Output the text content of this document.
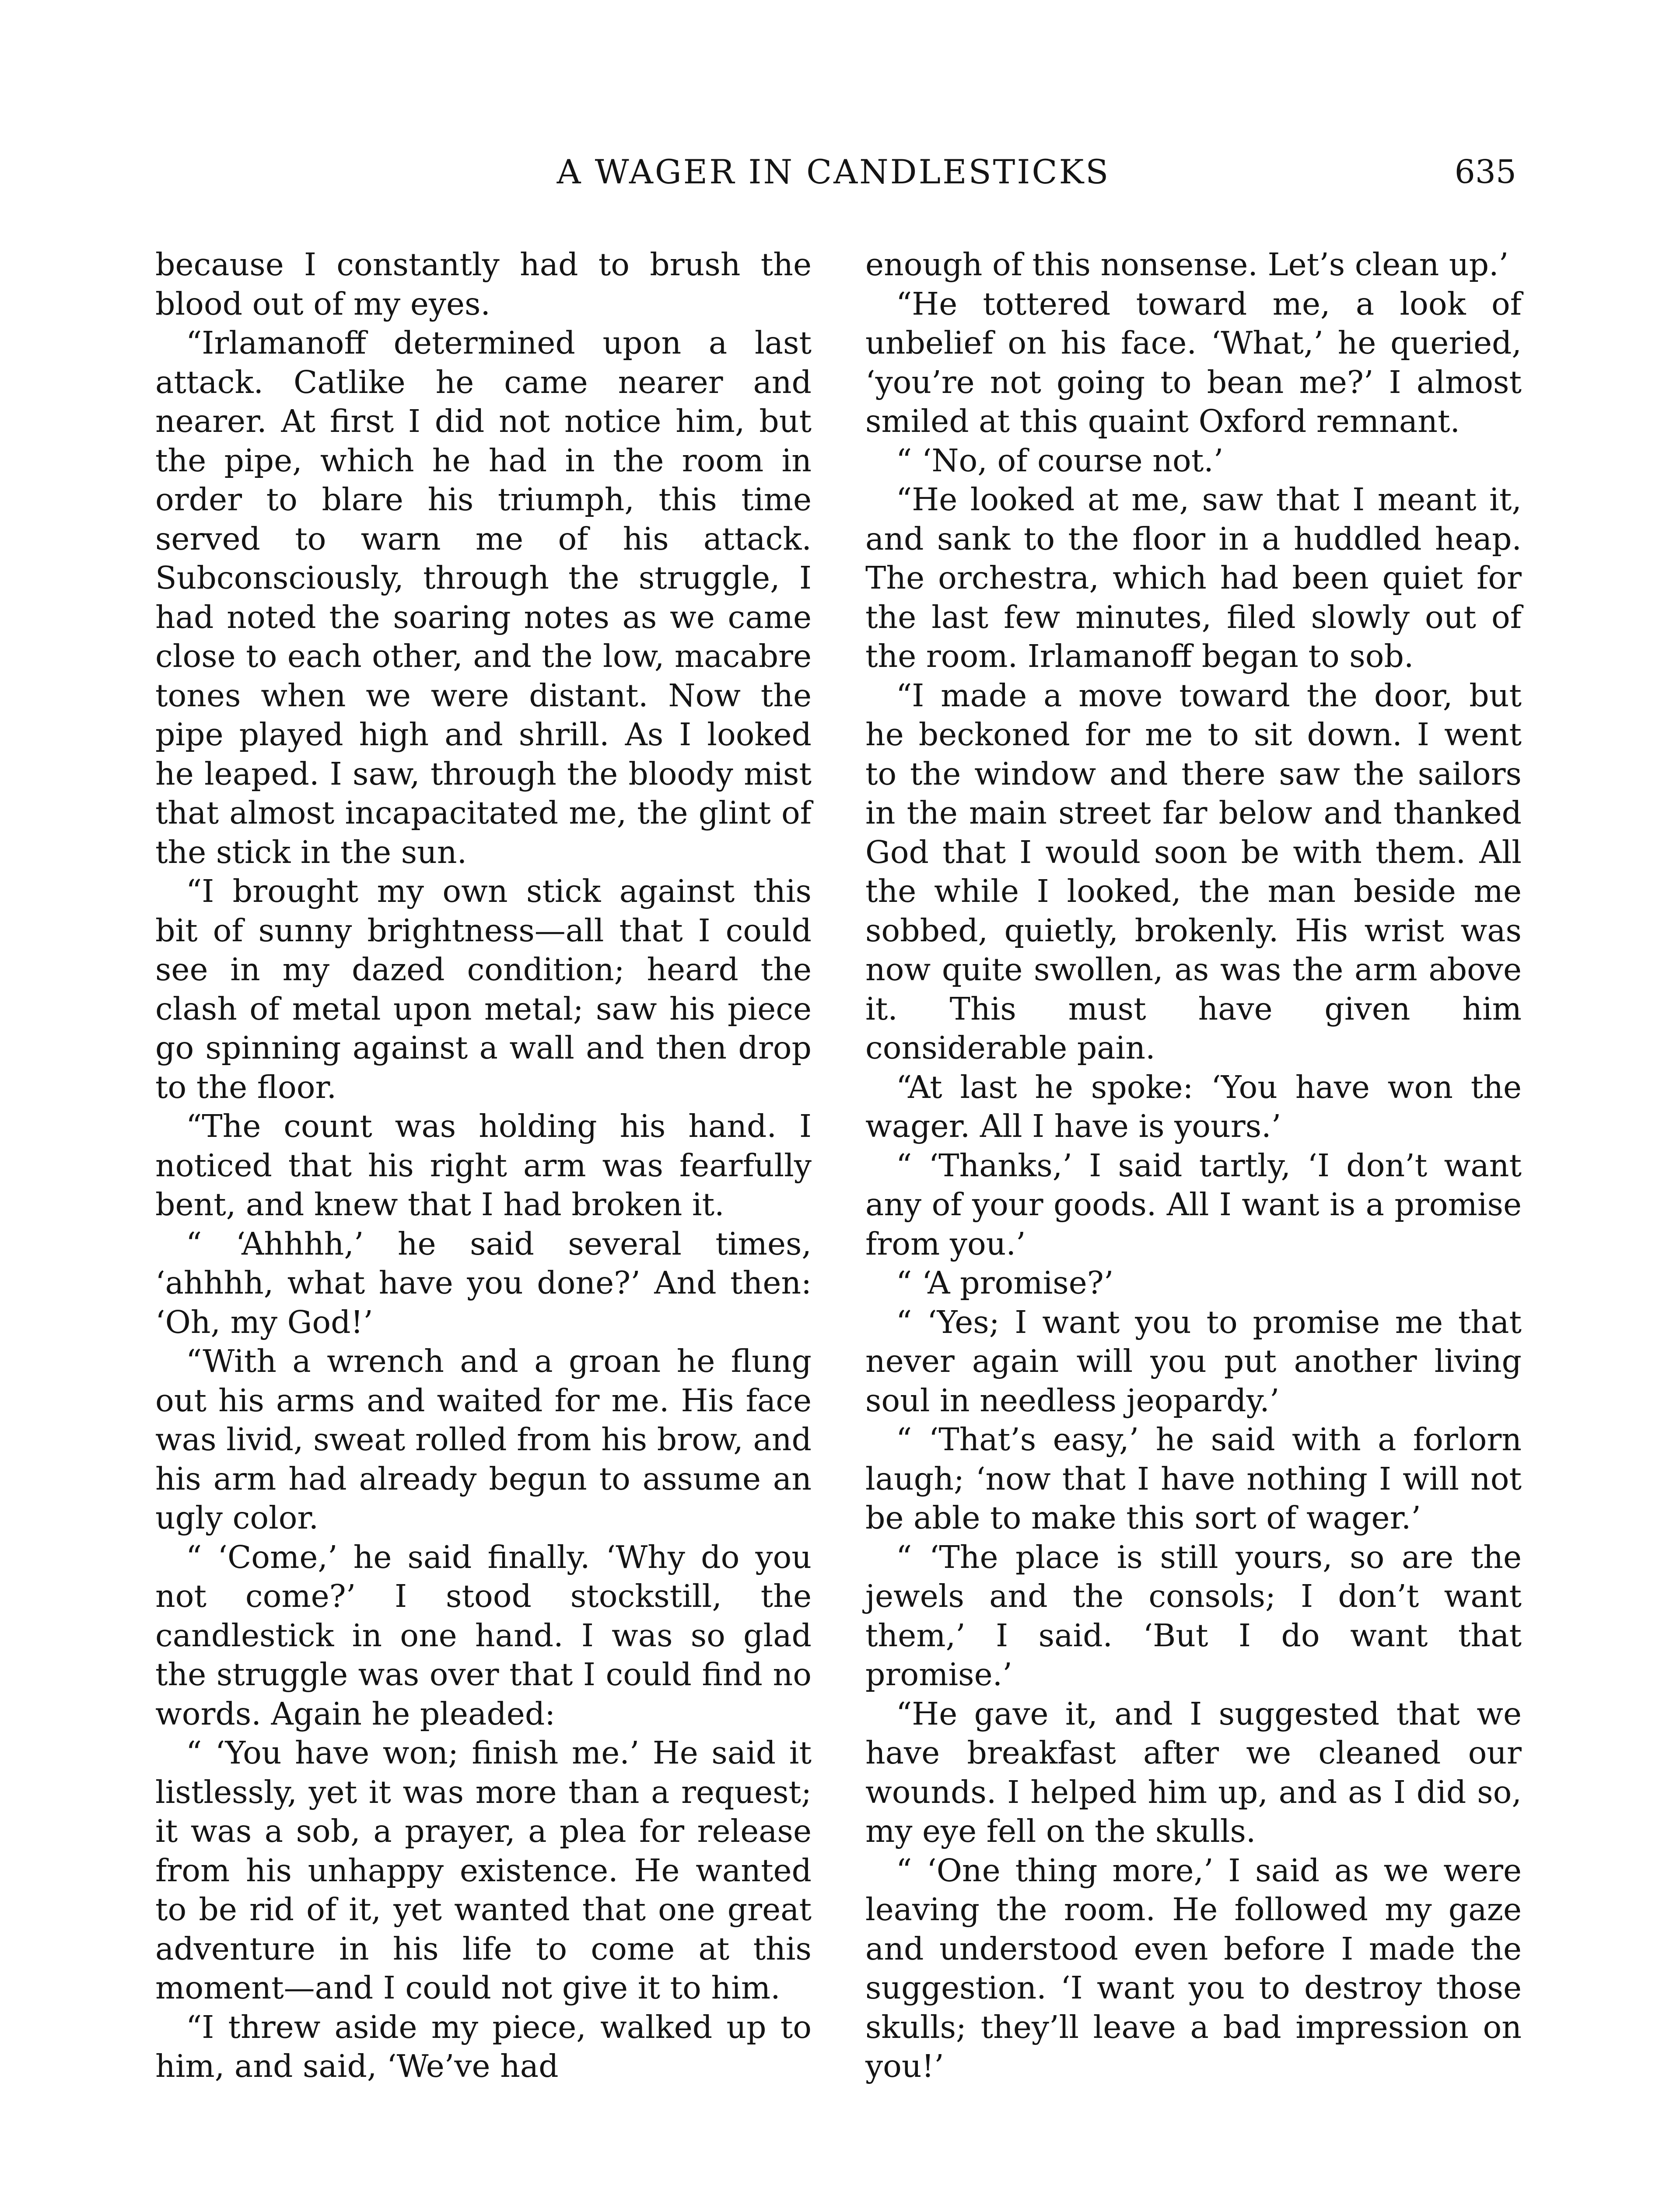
A WAGER IN CANDLESTICKS	635

because I constantly had to brush the blood out of my eyes.

“Irlamanoff determined upon a last attack. Catlike he came nearer and nearer. At first I did not notice him, but the pipe, which he had in the room in order to blare his triumph, this time served to warn me of his attack. Subconsciously, through the struggle, I had noted the soaring notes as we came close to each other, and the low, macabre tones when we were distant. Now the pipe played high and shrill. As I looked he leaped. I saw, through the bloody mist that almost incapacitated me, the glint of the stick in the sun.

“I brought my own stick against this bit of sunny brightness—all that I could see in my dazed condition; heard the clash of metal upon metal; saw his piece go spinning against a wall and then drop to the floor.

“The count was holding his hand. I noticed that his right arm was fearfully bent, and knew that I had broken it.

“ ‘Ahhhh,’ he said several times, ‘ahhhh, what have you done?’ And then: ‘Oh, my God!’

“With a wrench and a groan he flung out his arms and waited for me. His face was livid, sweat rolled from his brow, and his arm had already begun to assume an ugly color.

“ ‘Come,’ he said finally. ‘Why do you not come?’ I stood stockstill, the candlestick in one hand. I was so glad the struggle was over that I could find no words. Again he pleaded:

“ ‘You have won; finish me.’ He said it listlessly, yet it was more than a request; it was a sob, a prayer, a plea for release from his unhappy existence. He wanted to be rid of it, yet wanted that one great adventure in his life to come at this moment—and I could not give it to him.

“I threw aside my piece, walked up to him, and said, ‘We’ve had

enough of this nonsense. Let’s clean up.’

“He tottered toward me, a look of unbelief on his face. ‘What,’ he queried, ‘you’re not going to bean me?’ I almost smiled at this quaint Oxford remnant.

“ ‘No, of course not.’

“He looked at me, saw that I meant it, and sank to the floor in a huddled heap. The orchestra, which had been quiet for the last few minutes, filed slowly out of the room. Irlamanoff began to sob.

“I made a move toward the door, but he beckoned for me to sit down. I went to the window and there saw the sailors in the main street far below and thanked God that I would soon be with them. All the while I looked, the man beside me sobbed, quietly, brokenly. His wrist was now quite swollen, as was the arm above it. This must have given him considerable pain.

“At last he spoke: ‘You have won the wager. All I have is yours.’

“ ‘Thanks,’ I said tartly, ‘I don’t want any of your goods. All I want is a promise from you.’

“ ‘A promise?’

“ ‘Yes; I want you to promise me that never again will you put another living soul in needless jeopardy.’

“ ‘That’s easy,’ he said with a forlorn laugh; ‘now that I have nothing I will not be able to make this sort of wager.’

“ ‘The place is still yours, so are the jewels and the consols; I don’t want them,’ I said. ‘But I do want that promise.’

“He gave it, and I suggested that we have breakfast after we cleaned our wounds. I helped him up, and as I did so, my eye fell on the skulls.

“ ‘One thing more,’ I said as we were leaving the room. He followed my gaze and understood even before I made the suggestion. ‘I want you to destroy those skulls; they’ll leave a bad impression on you!’
